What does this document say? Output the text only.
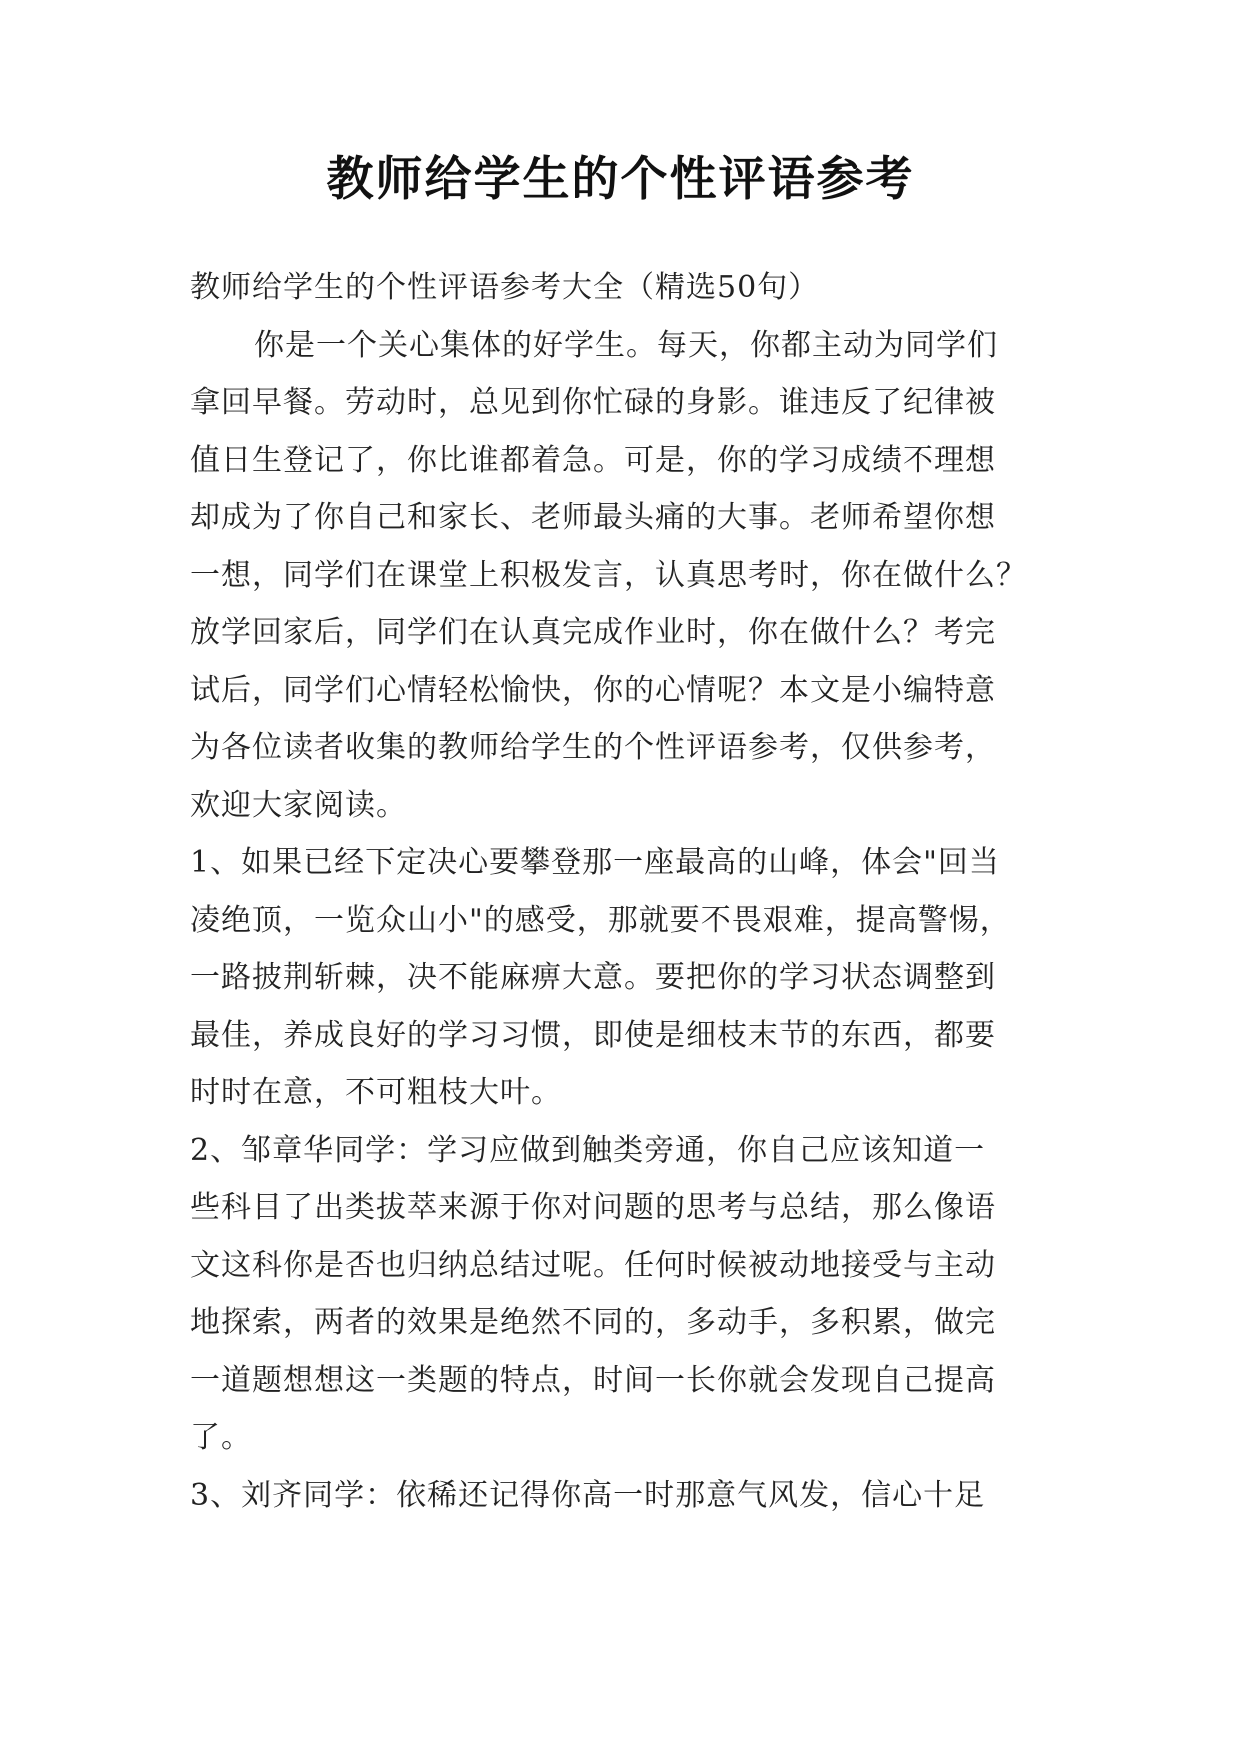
教师给学生的个性评语参考

教师给学生的个性评语参考大全（精选50句）

你是一个关心集体的好学生。每天，你都主动为同学们

拿回早餐。劳动时，总见到你忙碌的身影。谁违反了纪律被

值日生登记了，你比谁都着急。可是，你的学习成绩不理想

却成为了你自己和家长、老师最头痛的大事。老师希望你想

一想，同学们在课堂上积极发言，认真思考时，你在做什么？

放学回家后，同学们在认真完成作业时，你在做什么？考完

试后，同学们心情轻松愉快，你的心情呢？本文是小编特意

为各位读者收集的教师给学生的个性评语参考，仅供参考，

欢迎大家阅读。

1、如果已经下定决心要攀登那一座最高的山峰，体会"回当

凌绝顶，一览众山小"的感受，那就要不畏艰难，提高警惕，

一路披荆斩棘，决不能麻痹大意。要把你的学习状态调整到

最佳，养成良好的学习习惯，即使是细枝末节的东西，都要

时时在意，不可粗枝大叶。

2、邹章华同学：学习应做到触类旁通，你自己应该知道一

些科目了出类拔萃来源于你对问题的思考与总结，那么像语

文这科你是否也归纳总结过呢。任何时候被动地接受与主动

地探索，两者的效果是绝然不同的，多动手，多积累，做完

一道题想想这一类题的特点，时间一长你就会发现自己提高

了。

3、刘齐同学：依稀还记得你高一时那意气风发，信心十足
